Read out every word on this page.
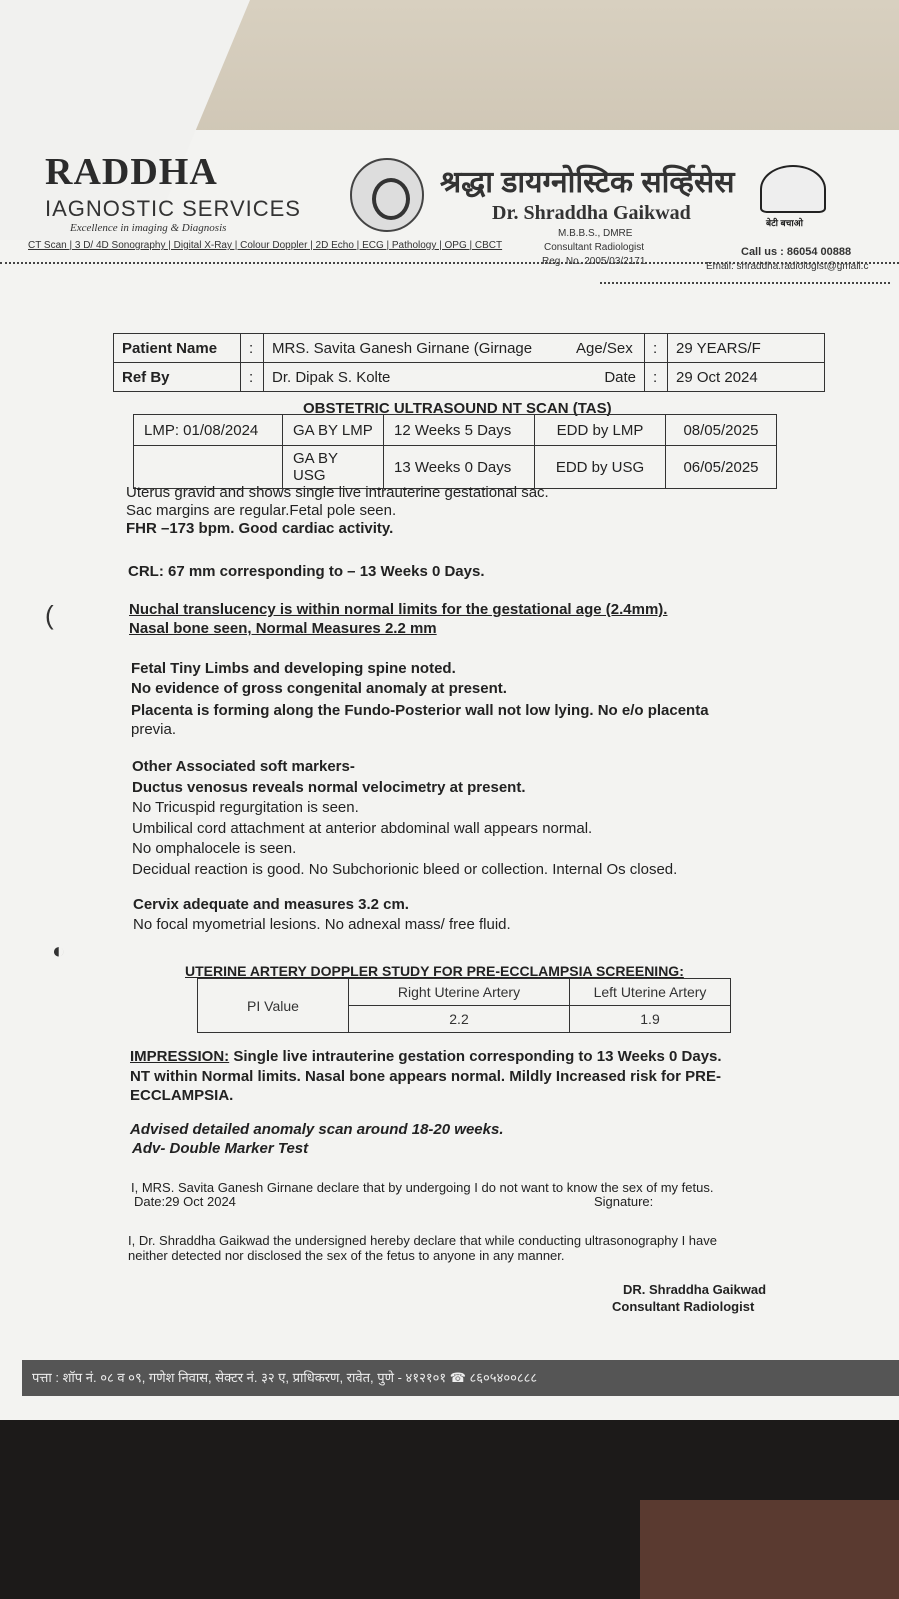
RADDHA
IAGNOSTIC SERVICES
Excellence in imaging & Diagnosis
CT Scan | 3 D/ 4D Sonography | Digital X-Ray | Colour Doppler | 2D Echo | ECG | Pathology | OPG | CBCT
श्रद्धा डायग्नोस्टिक सर्व्हिसेस
Dr. Shraddha Gaikwad
M.B.B.S., DMRE
Consultant Radiologist
Reg. No. 2005/03/2171
बेटी बचाओ
Call us : 86054 00888
Email: shraddha.radiologist@gmail.c
Patient Name	:	MRS. Savita Ganesh Girnane (Girnage	Age/Sex	:	29 YEARS/F
Ref By	:	Dr. Dipak S. Kolte	Date	:	29 Oct 2024
OBSTETRIC ULTRASOUND NT SCAN (TAS)
LMP: 01/08/2024	GA BY LMP	12 Weeks 5 Days	EDD by LMP	08/05/2025
	GA BY USG	13 Weeks 0 Days	EDD by USG	06/05/2025
Uterus gravid and shows single live intrauterine gestational sac.
Sac margins are regular.Fetal pole seen.
FHR –173 bpm. Good cardiac activity.
CRL: 67 mm corresponding to – 13 Weeks 0 Days.
Nuchal translucency is within normal limits for the gestational age (2.4mm).
Nasal bone seen, Normal Measures 2.2 mm
Fetal Tiny Limbs and developing spine noted.
No evidence of gross congenital anomaly at present.
Placenta is forming along the Fundo-Posterior wall not low lying. No e/o placenta
previa.
Other Associated soft markers-
Ductus venosus reveals normal velocimetry at present.
No Tricuspid regurgitation is seen.
Umbilical cord attachment at anterior abdominal wall appears normal.
No omphalocele is seen.
Decidual reaction is good. No Subchorionic bleed or collection. Internal Os closed.
Cervix adequate and measures 3.2 cm.
No focal myometrial lesions. No adnexal mass/ free fluid.
(
◐
UTERINE ARTERY DOPPLER STUDY FOR PRE-ECCLAMPSIA SCREENING:
PI Value	Right Uterine Artery	Left Uterine Artery
	2.2	1.9
IMPRESSION: Single live intrauterine gestation corresponding to 13 Weeks 0 Days.
NT within Normal limits. Nasal bone appears normal. Mildly Increased risk for PRE-
ECCLAMPSIA.
Advised detailed anomaly scan around 18-20 weeks.
Adv- Double Marker Test
I, MRS. Savita Ganesh Girnane declare that by undergoing I do not want to know the sex of my fetus.
Date:29 Oct 2024	Signature:
I, Dr. Shraddha Gaikwad the undersigned hereby declare that while conducting ultrasonography I have
neither detected nor disclosed the sex of the fetus to anyone in any manner.
DR. Shraddha Gaikwad
Consultant Radiologist
पत्ता : शॉप नं. ०८ व ०९, गणेश निवास, सेक्टर नं. ३२ ए, प्राधिकरण, रावेत, पुणे - ४१२१०१ ☎ ८६०५४००८८८
